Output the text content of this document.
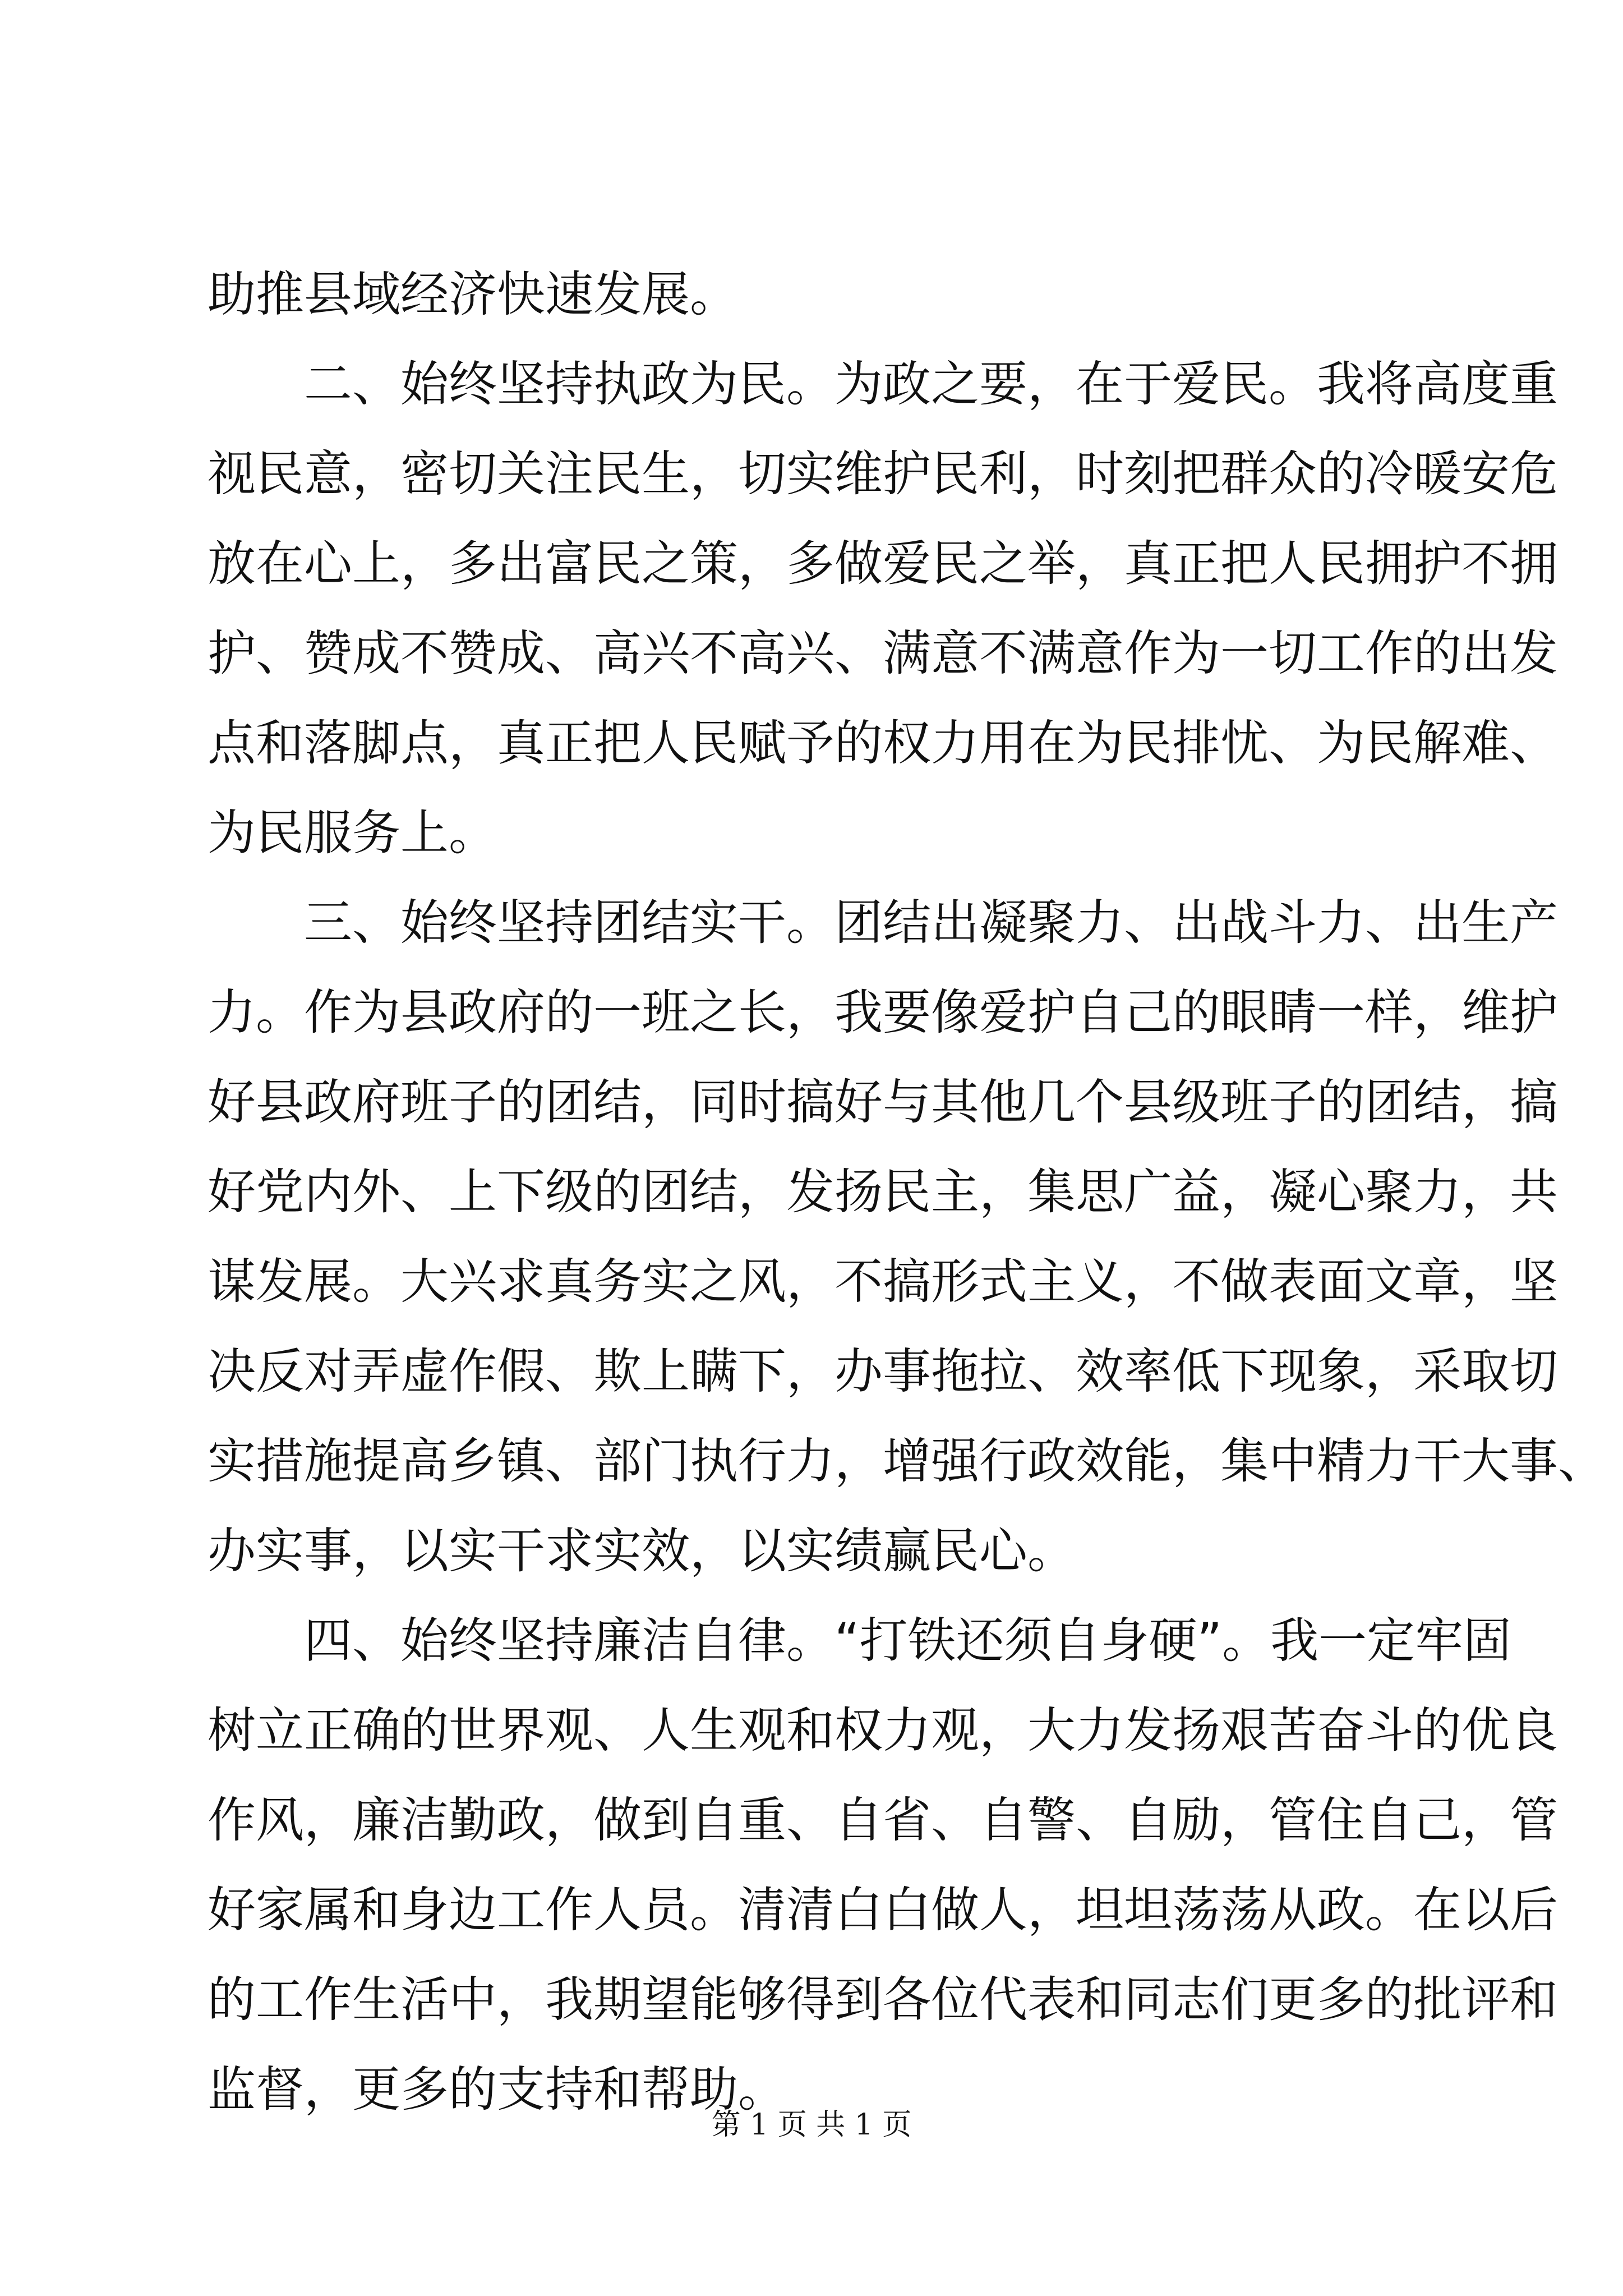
助推县域经济快速发展。
二、始终坚持执政为民。为政之要，在于爱民。我将高度重
视民意，密切关注民生，切实维护民利，时刻把群众的冷暖安危
放在心上，多出富民之策，多做爱民之举，真正把人民拥护不拥
护、赞成不赞成、高兴不高兴、满意不满意作为一切工作的出发
点和落脚点，真正把人民赋予的权力用在为民排忧、为民解难、
为民服务上。
三、始终坚持团结实干。团结出凝聚力、出战斗力、出生产
力。作为县政府的一班之长，我要像爱护自己的眼睛一样，维护
好县政府班子的团结，同时搞好与其他几个县级班子的团结，搞
好党内外、上下级的团结，发扬民主，集思广益，凝心聚力，共
谋发展。大兴求真务实之风，不搞形式主义，不做表面文章，坚
决反对弄虚作假、欺上瞒下，办事拖拉、效率低下现象，采取切
实措施提高乡镇、部门执行力，增强行政效能，集中精力干大事、
办实事，以实干求实效，以实绩赢民心。
四、始终坚持廉洁自律。“打铁还须自身硬”。我一定牢固
树立正确的世界观、人生观和权力观，大力发扬艰苦奋斗的优良
作风，廉洁勤政，做到自重、自省、自警、自励，管住自己，管
好家属和身边工作人员。清清白白做人，坦坦荡荡从政。在以后
的工作生活中，我期望能够得到各位代表和同志们更多的批评和
监督，更多的支持和帮助。
第 1 页 共 1 页
